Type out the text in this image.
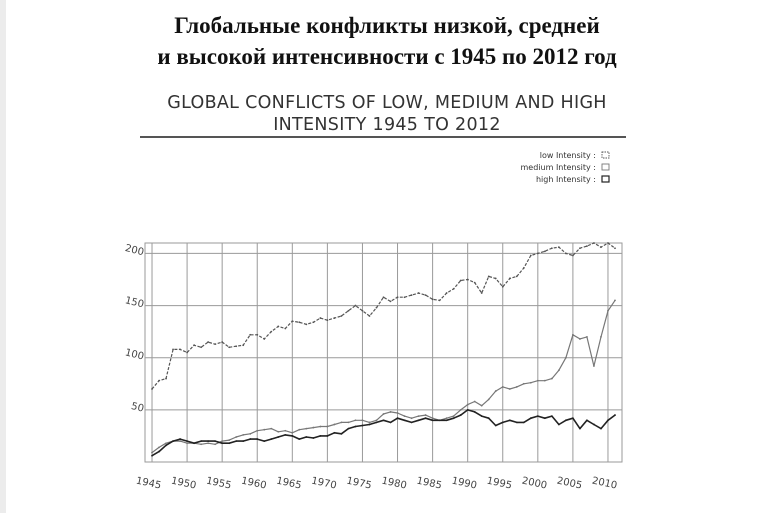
Глобальные конфликты низкой, средней
и высокой интенсивности с 1945 по 2012 год
GLOBAL CONFLICTS OF LOW, MEDIUM AND HIGH
INTENSITY 1945 TO 2012
1945 1950 1955 1960 1965 1970 1975 1980 1985 1990 1995 2000 2005 2010
50
100
150
200
low Intensity :
medium Intensity :
high Intensity :
